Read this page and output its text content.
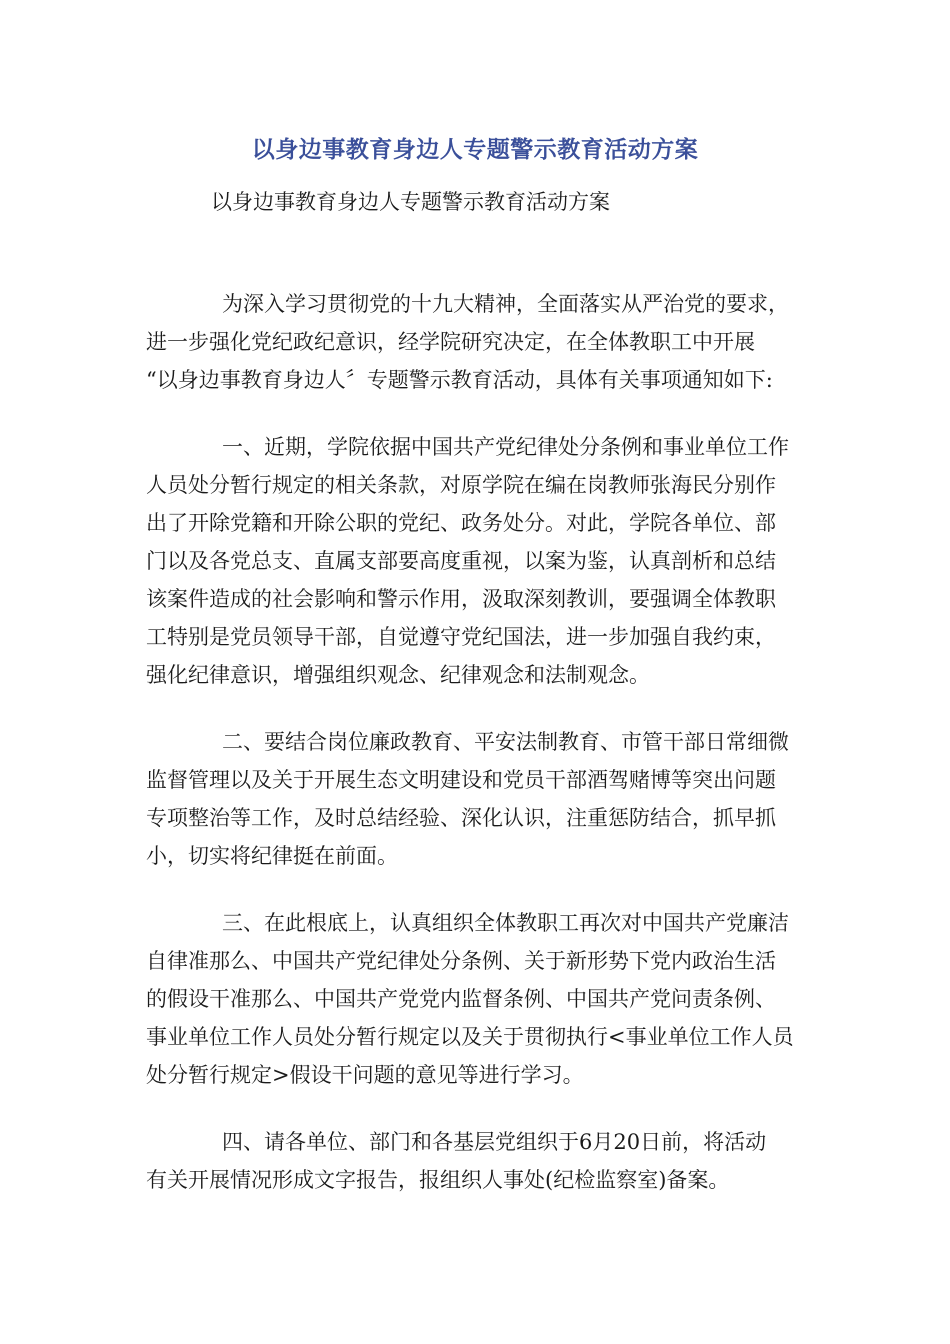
以身边事教育身边人专题警示教育活动方案

以身边事教育身边人专题警示教育活动方案

为深入学习贯彻党的十九大精神，全面落实从严治党的要求，
进一步强化党纪政纪意识，经学院研究决定，在全体教职工中开展
“以身边事教育身边人〞专题警示教育活动，具体有关事项通知如下:

一、近期，学院依据中国共产党纪律处分条例和事业单位工作
人员处分暂行规定的相关条款，对原学院在编在岗教师张海民分别作
出了开除党籍和开除公职的党纪、政务处分。对此，学院各单位、部
门以及各党总支、直属支部要高度重视，以案为鉴，认真剖析和总结
该案件造成的社会影响和警示作用，汲取深刻教训，要强调全体教职
工特别是党员领导干部，自觉遵守党纪国法，进一步加强自我约束，
强化纪律意识，增强组织观念、纪律观念和法制观念。

二、要结合岗位廉政教育、平安法制教育、市管干部日常细微
监督管理以及关于开展生态文明建设和党员干部酒驾赌博等突出问题
专项整治等工作，及时总结经验、深化认识，注重惩防结合，抓早抓
小，切实将纪律挺在前面。

三、在此根底上，认真组织全体教职工再次对中国共产党廉洁
自律准那么、中国共产党纪律处分条例、关于新形势下党内政治生活
的假设干准那么、中国共产党党内监督条例、中国共产党问责条例、
事业单位工作人员处分暂行规定以及关于贯彻执行<事业单位工作人员
处分暂行规定>假设干问题的意见等进行学习。

四、请各单位、部门和各基层党组织于6月20日前，将活动
有关开展情况形成文字报告，报组织人事处(纪检监察室)备案。
